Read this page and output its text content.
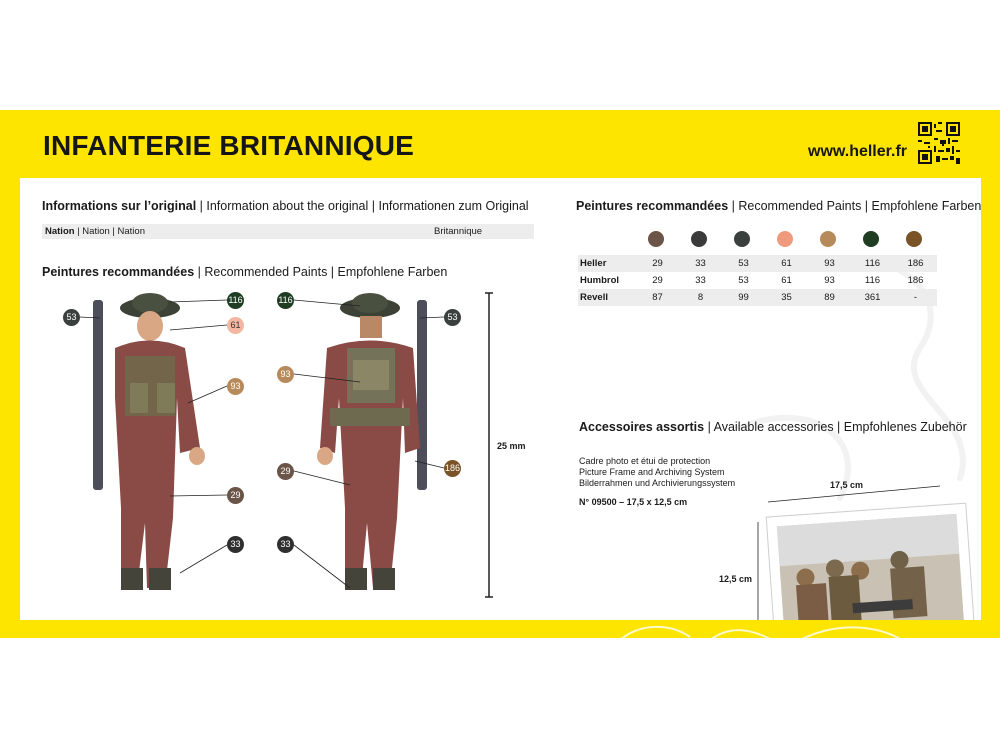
INFANTERIE BRITANNIQUE	www.heller.fr
Informations sur l’original | Information about the original | Informationen zum Original
Nation | Nation | Nation	Britannique
Peintures recommandées | Recommended Paints | Empfohlene Farben
25 mm
116
53
61
93
29
33
116
53
93
29	186
33
Peintures recommandées | Recommended Paints | Empfohlene Farben
Heller	29	33	53	61	93	116	186
Humbrol	29	33	53	61	93	116	186
Revell	87	8	99	35	89	361	-
Accessoires assortis | Available accessories | Empfohlenes Zubehör
Cadre photo et étui de protection
Picture Frame and Archiving System
Bilderrahmen und Archivierungssystem
N° 09500 – 17,5 x 12,5 cm
17,5 cm
12,5 cm
